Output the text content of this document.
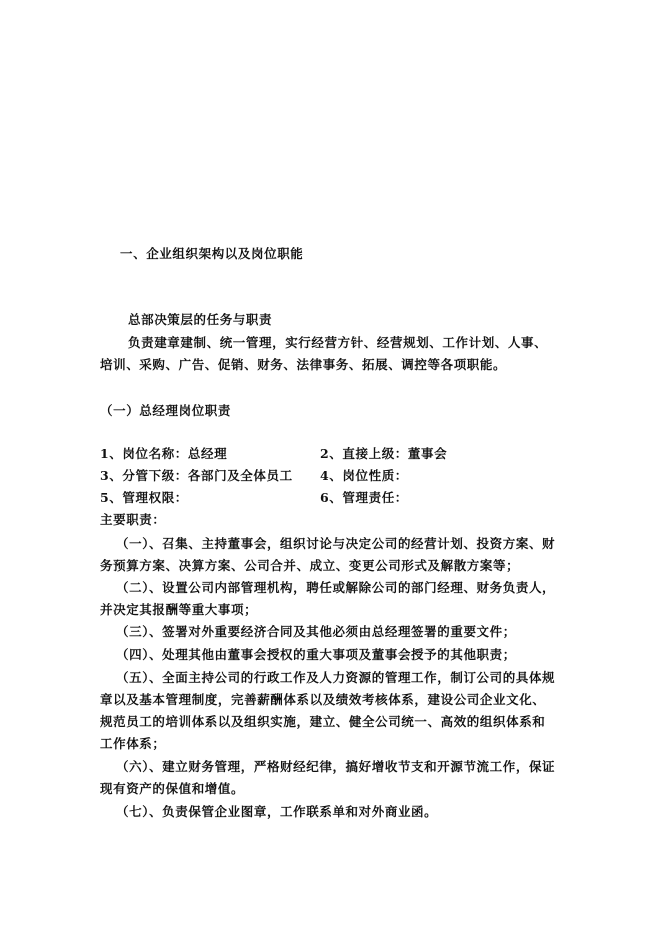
一、企业组织架构以及岗位职能
总部决策层的任务与职责
负责建章建制、统一管理，实行经营方针、经营规划、工作计划、人事、
培训、采购、广告、促销、财务、法律事务、拓展、调控等各项职能。
（一）总经理岗位职责
1、岗位名称：总经理	2、直接上级：董事会
3、分管下级：各部门及全体员工 4、岗位性质：
5、管理权限：	6、管理责任：
主要职责：
（一）、召集、主持董事会，组织讨论与决定公司的经营计划、投资方案、财
务预算方案、决算方案、公司合并、成立、变更公司形式及解散方案等；
（二）、设置公司内部管理机构，聘任或解除公司的部门经理、财务负责人，
并决定其报酬等重大事项；
（三）、签署对外重要经济合同及其他必须由总经理签署的重要文件；
（四）、处理其他由董事会授权的重大事项及董事会授予的其他职责；
（五）、全面主持公司的行政工作及人力资源的管理工作，制订公司的具体规
章以及基本管理制度，完善薪酬体系以及绩效考核体系，建设公司企业文化、
规范员工的培训体系以及组织实施，建立、健全公司统一、高效的组织体系和
工作体系；
（六）、建立财务管理，严格财经纪律，搞好增收节支和开源节流工作，保证
现有资产的保值和增值。
（七）、负责保管企业图章，工作联系单和对外商业函。
